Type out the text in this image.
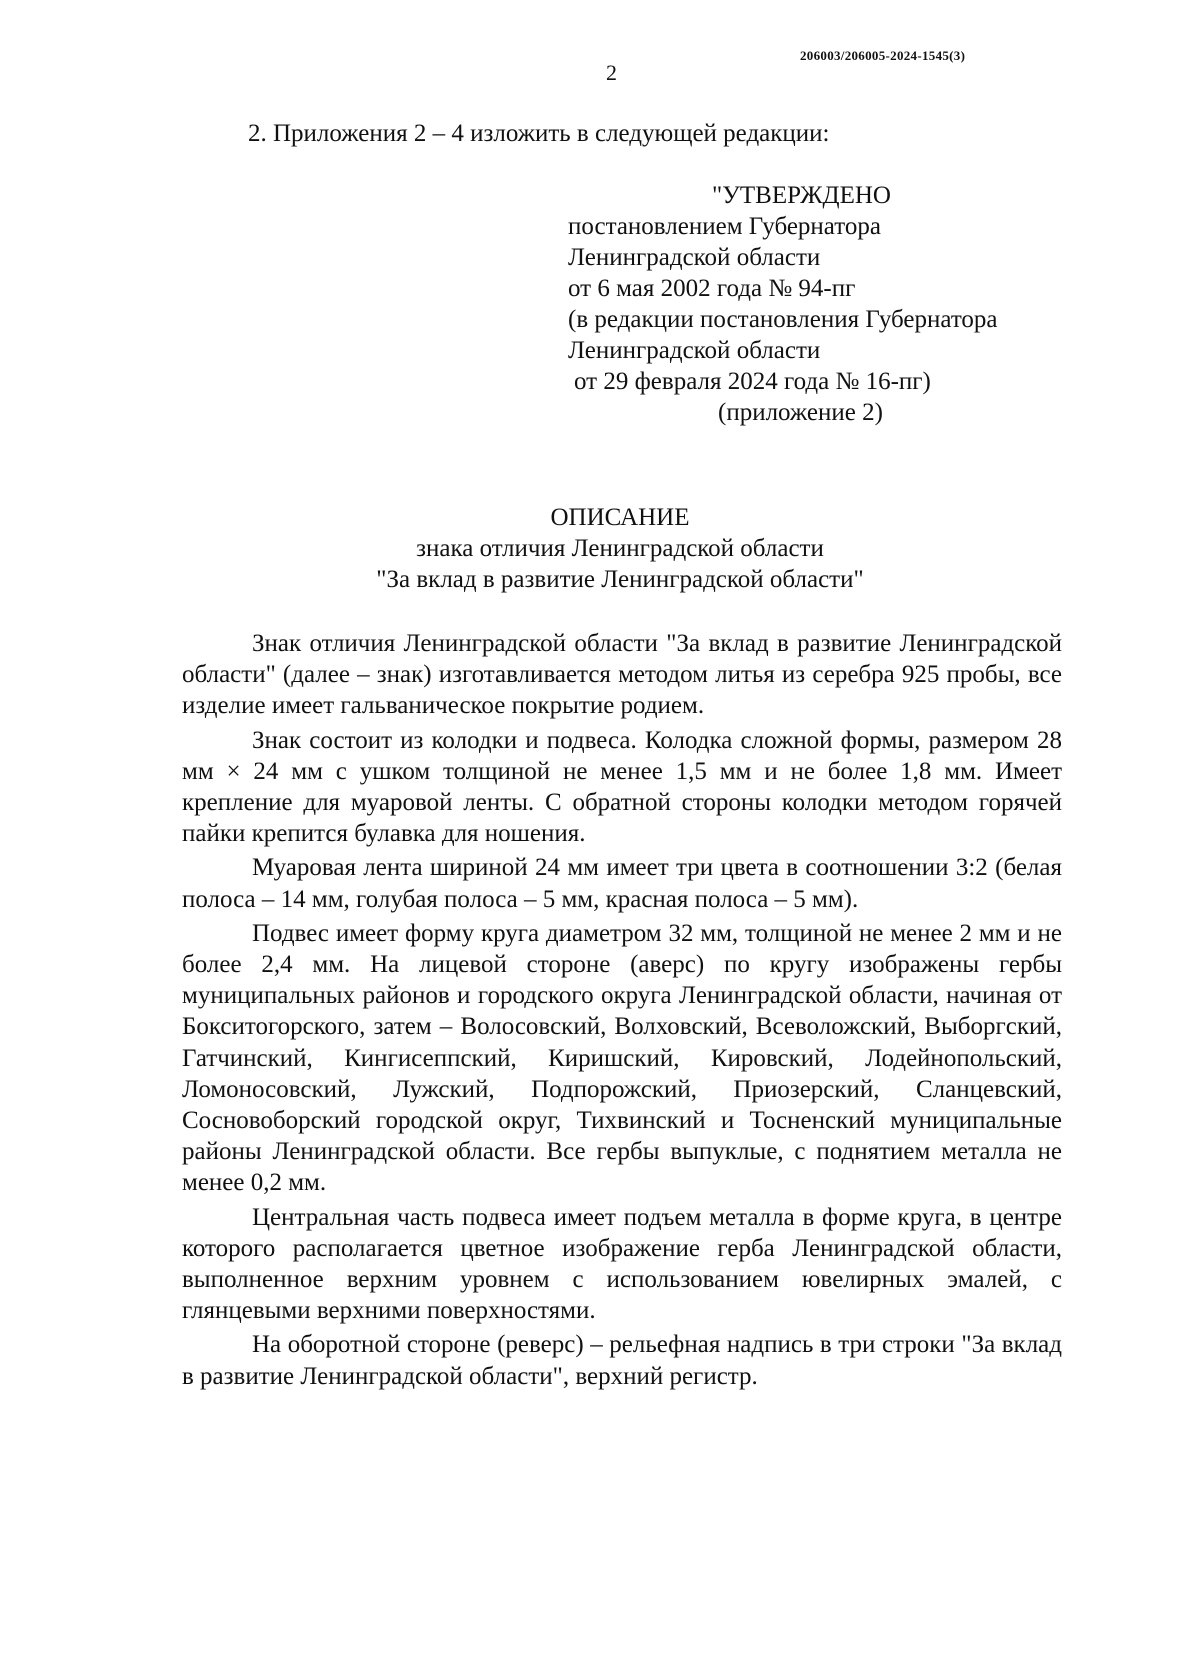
206003/206005-2024-1545(3)
2
2. Приложения 2 – 4 изложить в следующей редакции:
"УТВЕРЖДЕНО
постановлением Губернатора
Ленинградской области
от 6 мая 2002 года № 94-пг
(в редакции постановления Губернатора
Ленинградской области
от 29 февраля 2024 года № 16-пг)
(приложение 2)
ОПИСАНИЕ
знака отличия Ленинградской области
"За вклад в развитие Ленинградской области"

Знак отличия Ленинградской области "За вклад в развитие Ленинградской области" (далее – знак) изготавливается методом литья из серебра 925 пробы, все изделие имеет гальваническое покрытие родием.

Знак состоит из колодки и подвеса. Колодка сложной формы, размером 28 мм × 24 мм с ушком толщиной не менее 1,5 мм и не более 1,8 мм. Имеет крепление для муаровой ленты. С обратной стороны колодки методом горячей пайки крепится булавка для ношения.

Муаровая лента шириной 24 мм имеет три цвета в соотношении 3:2 (белая полоса – 14 мм, голубая полоса – 5 мм, красная полоса – 5 мм).

Подвес имеет форму круга диаметром 32 мм, толщиной не менее 2 мм и не более 2,4 мм. На лицевой стороне (аверс) по кругу изображены гербы муниципальных районов и городского округа Ленинградской области, начиная от Бокситогорского, затем – Волосовский, Волховский, Всеволожский, Выборгский, Гатчинский, Кингисеппский, Киришский, Кировский, Лодейнопольский, Ломоносовский, Лужский, Подпорожский, Приозерский, Сланцевский, Сосновоборский городской округ, Тихвинский и Тосненский муниципальные районы Ленинградской области. Все гербы выпуклые, с поднятием металла не менее 0,2 мм.

Центральная часть подвеса имеет подъем металла в форме круга, в центре которого располагается цветное изображение герба Ленинградской области, выполненное верхним уровнем с использованием ювелирных эмалей, с глянцевыми верхними поверхностями.

На оборотной стороне (реверс) – рельефная надпись в три строки "За вклад в развитие Ленинградской области", верхний регистр.
